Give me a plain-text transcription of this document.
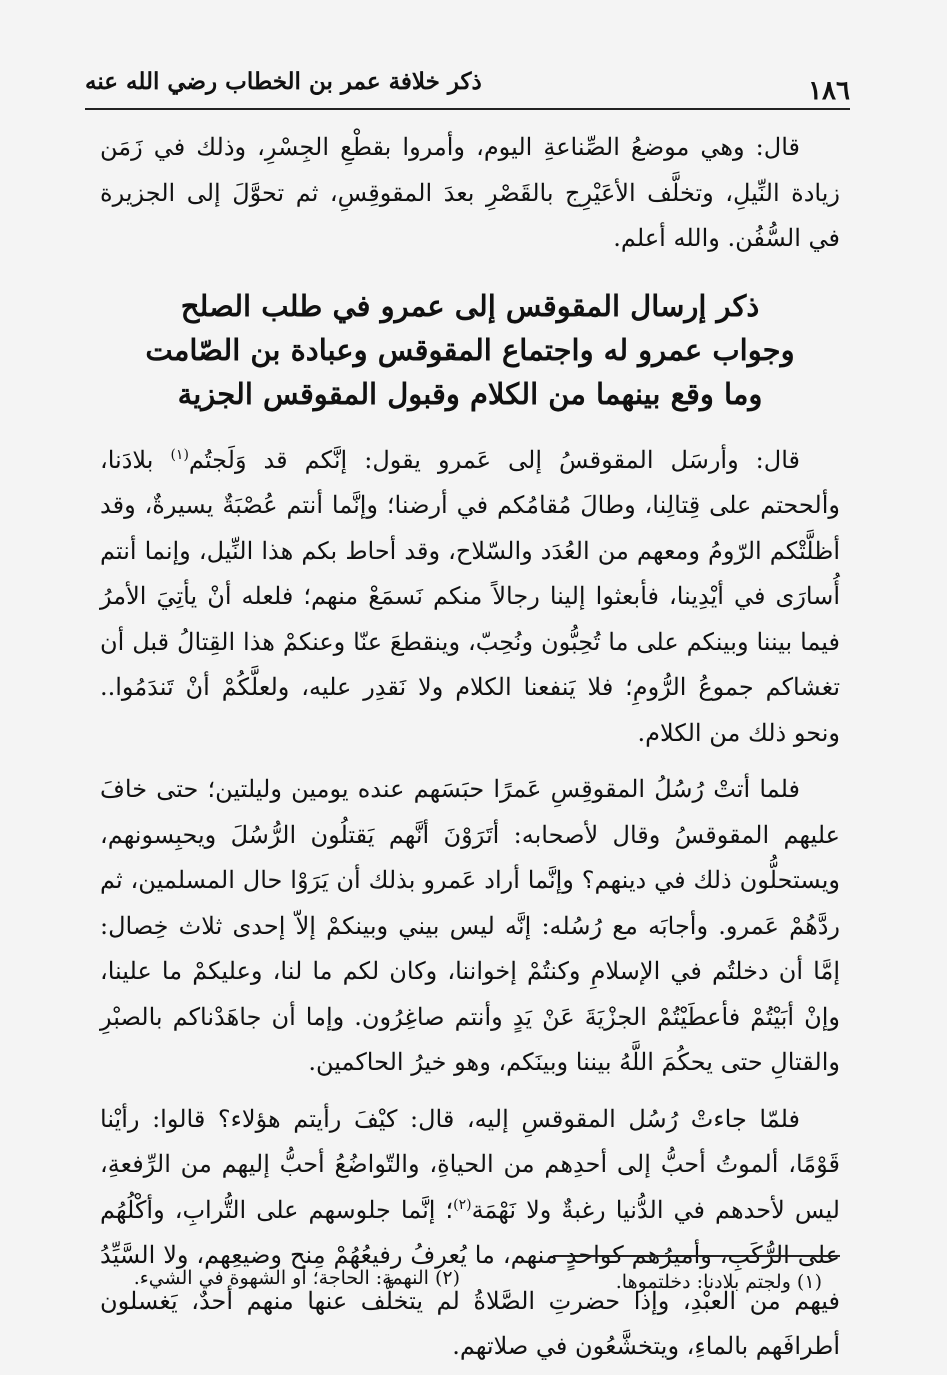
١٨٦
ذكر خلافة عمر بن الخطاب رضي الله عنه

قال: وهي موضعُ الصِّناعةِ اليوم، وأمروا بقطْعِ الجِسْرِ، وذلك في زَمَن زيادة النِّيلِ، وتخلَّف الأعَيْرِج بالقَصْرِ بعدَ المقوقِسِ، ثم تحوَّلَ إلى الجزيرة في السُّفُن. والله أعلم.

ذكر إرسال المقوقس إلى عمرو في طلب الصلح
وجواب عمرو له واجتماع المقوقس وعبادة بن الصّامت
وما وقع بينهما من الكلام وقبول المقوقس الجزية

قال: وأرسَل المقوقسُ إلى عَمرو يقول: إنَّكم قد وَلَجتُم$^{(١)}$ بلادَنا، وألححتم على قِتالِنا، وطالَ مُقامُكم في أرضنا؛ وإنَّما أنتم عُصْبَةٌ يسيرةٌ، وقد أظلَّتْكم الرّومُ ومعهم من العُدَد والسّلاح، وقد أحاط بكم هذا النِّيل، وإنما أنتم أُسارَى في أيْدِينا، فأبعثوا إلينا رجالاً منكم نَسمَعْ منهم؛ فلعله أنْ يأتِيَ الأمرُ فيما بيننا وبينكم على ما تُحِبُّون ونُحِبّ، وينقطعَ عنّا وعنكمْ هذا القِتالُ قبل أن تغشاكم جموعُ الرُّومِ؛ فلا يَنفعنا الكلام ولا نَقدِر عليه، ولعلَّكُمْ أنْ تَندَمُوا.. ونحو ذلك من الكلام.

فلما أتتْ رُسُلُ المقوقِسِ عَمرًا حبَسَهم عنده يومين وليلتين؛ حتى خافَ عليهم المقوقسُ وقال لأصحابه: أتَرَوْنَ أنَّهم يَقتلُون الرُّسُلَ ويحبِسونهم، ويستحلُّون ذلك في دينهم؟ وإنَّما أراد عَمرو بذلك أن يَرَوْا حال المسلمين، ثم ردَّهُمْ عَمرو. وأجابَه مع رُسُله: إنَّه ليس بيني وبينكمْ إلاّ إحدى ثلاث خِصال: إمَّا أن دخلتُم في الإسلامِ وكنتُمْ إخواننا، وكان لكم ما لنا، وعليكمْ ما علينا، وإنْ أبَيْتُمْ فأعطَيْتُمْ الجزْيَةَ عَنْ يَدٍ وأنتم صاغِرُون. وإما أن جاهَدْناكم بالصبْرِ والقتالِ حتى يحكُمَ اللَّهُ بيننا وبينَكم، وهو خيرُ الحاكمين.

فلمّا جاءتْ رُسُل المقوقسِ إليه، قال: كيْفَ رأيتم هؤلاء؟ قالوا: رأيْنا قَوْمًا، ألموتُ أحبُّ إلى أحدِهم من الحياةِ، والتّواضُعُ أحبُّ إليهم من الرِّفعةِ، ليس لأحدهم في الدُّنيا رغبةٌ ولا نَهْمَة$^{(٢)}$؛ إنَّما جلوسهم على التُّرابِ، وأكْلُهُم على الرُّكَبِ، وأميرُهم كواحدٍ منهم، ما يُعرفُ رفيعُهُمْ مِنح وضيعِهم، ولا السَّيِّدُ فيهم من العبْدِ، وإذا حضرتِ الصَّلاةُ لم يتخلَّف عنها منهم أحدٌ، يَغسلون أطرافَهم بالماءِ، ويتخشَّعُون في صلاتهم.

(١) ولجتم بلادنا: دخلتموها.
(٢) النهمة: الحاجة؛ أو الشهوة في الشيء.
